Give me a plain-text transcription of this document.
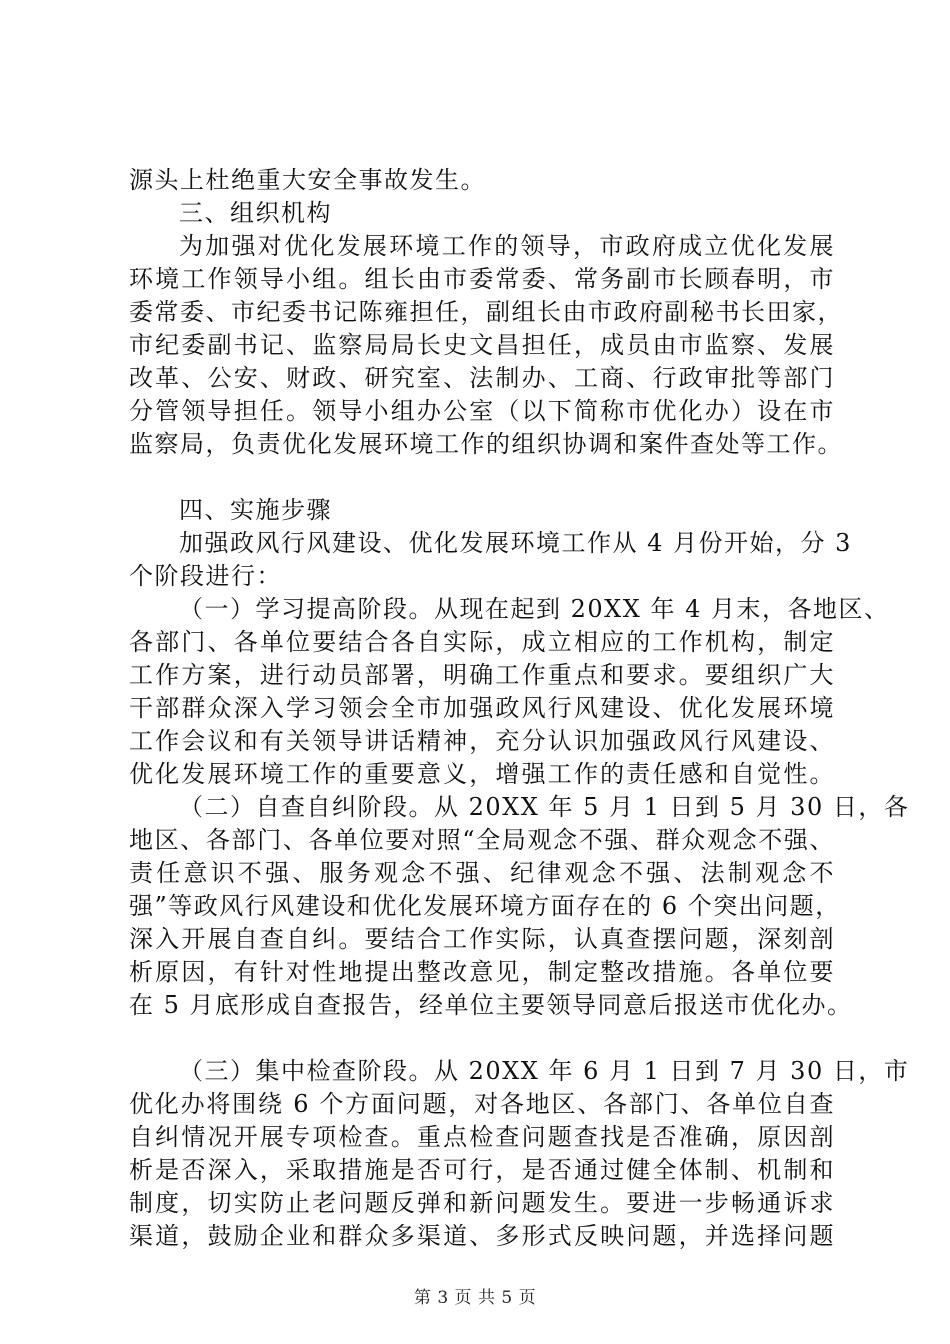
源头上杜绝重大安全事故发生。
三、组织机构
为加强对优化发展环境工作的领导，市政府成立优化发展
环境工作领导小组。组长由市委常委、常务副市长顾春明，市
委常委、市纪委书记陈雍担任，副组长由市政府副秘书长田家，
市纪委副书记、监察局局长史文昌担任，成员由市监察、发展
改革、公安、财政、研究室、法制办、工商、行政审批等部门
分管领导担任。领导小组办公室（以下简称市优化办）设在市
监察局，负责优化发展环境工作的组织协调和案件查处等工作。
四、实施步骤
加强政风行风建设、优化发展环境工作从 4 月份开始，分 3
个阶段进行：
（一）学习提高阶段。从现在起到 20XX 年 4 月末，各地区、
各部门、各单位要结合各自实际，成立相应的工作机构，制定
工作方案，进行动员部署，明确工作重点和要求。要组织广大
干部群众深入学习领会全市加强政风行风建设、优化发展环境
工作会议和有关领导讲话精神，充分认识加强政风行风建设、
优化发展环境工作的重要意义，增强工作的责任感和自觉性。
（二）自查自纠阶段。从 20XX 年 5 月 1 日到 5 月 30 日，各
地区、各部门、各单位要对照“全局观念不强、群众观念不强、
责任意识不强、服务观念不强、纪律观念不强、法制观念不
强”等政风行风建设和优化发展环境方面存在的 6 个突出问题，
深入开展自查自纠。要结合工作实际，认真查摆问题，深刻剖
析原因，有针对性地提出整改意见，制定整改措施。各单位要
在 5 月底形成自查报告，经单位主要领导同意后报送市优化办。
（三）集中检查阶段。从 20XX 年 6 月 1 日到 7 月 30 日，市
优化办将围绕 6 个方面问题，对各地区、各部门、各单位自查
自纠情况开展专项检查。重点检查问题查找是否准确，原因剖
析是否深入，采取措施是否可行，是否通过健全体制、机制和
制度，切实防止老问题反弹和新问题发生。要进一步畅通诉求
渠道，鼓励企业和群众多渠道、多形式反映问题，并选择问题
第 3 页 共 5 页
